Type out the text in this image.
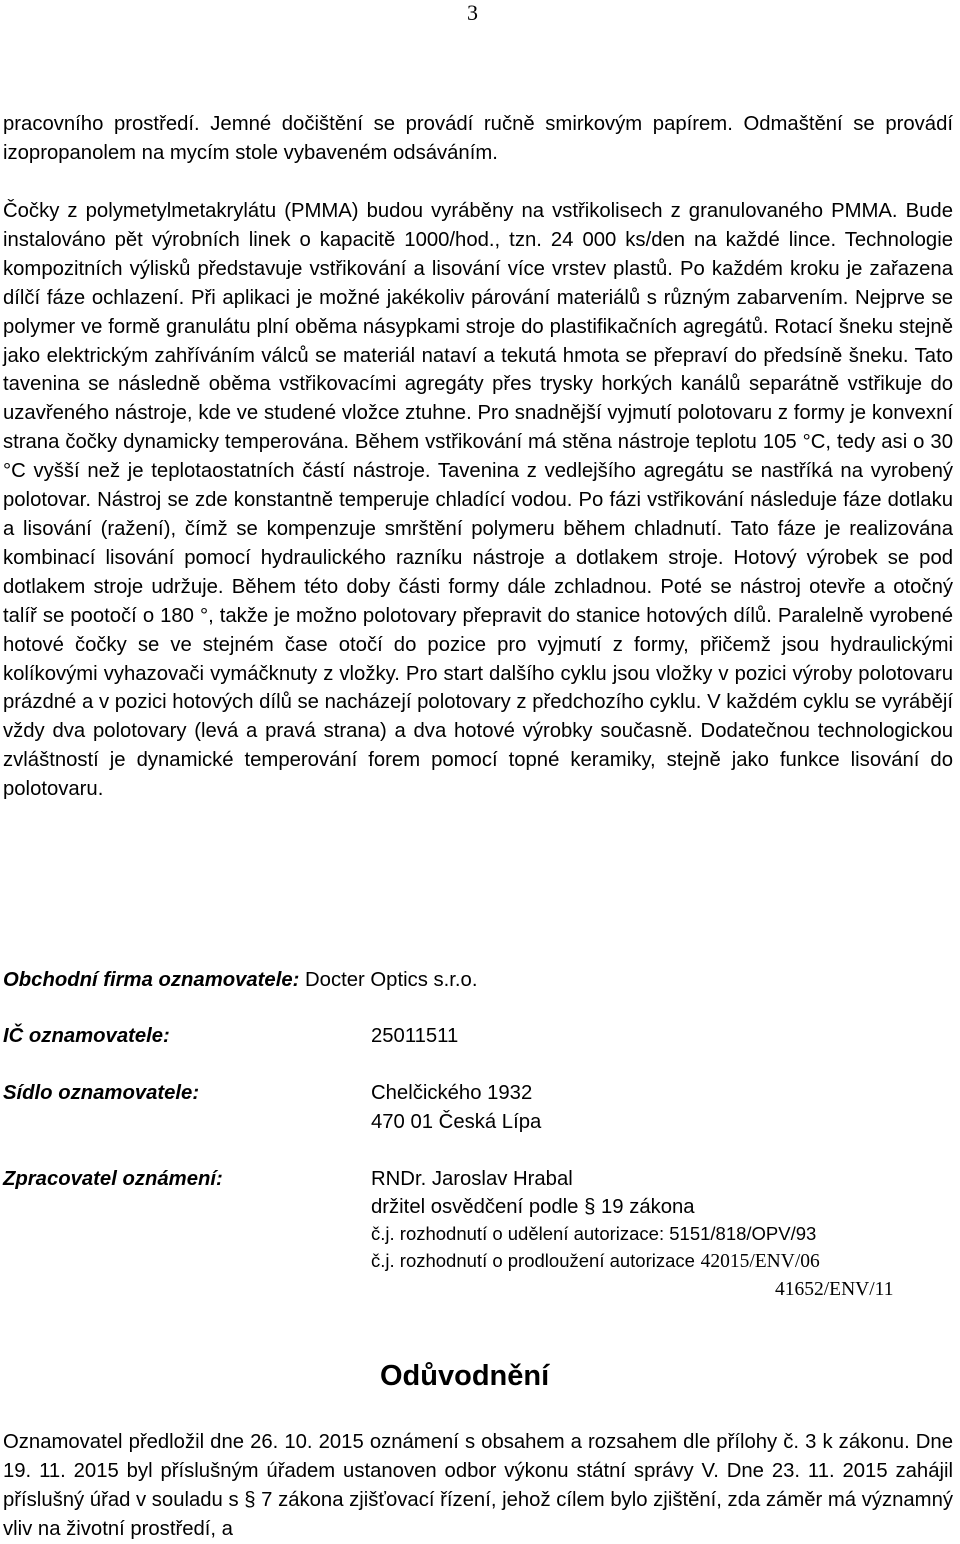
3

pracovního prostředí. Jemné dočištění se provádí ručně smirkovým papírem. Odmaštění se provádí izopropanolem na mycím stole vybaveném odsáváním.

Čočky z polymetylmetakrylátu (PMMA) budou vyráběny na vstřikolisech z granulovaného PMMA. Bude instalováno pět výrobních linek o kapacitě 1000/hod., tzn. 24 000 ks/den na každé lince. Technologie kompozitních výlisků představuje vstřikování a lisování více vrstev plastů. Po každém kroku je zařazena dílčí fáze ochlazení. Při aplikaci je možné jakékoliv párování materiálů s různým zabarvením. Nejprve se polymer ve formě granulátu plní oběma násypkami stroje do plastifikačních agregátů. Rotací šneku stejně jako elektrickým zahříváním válců se materiál nataví a tekutá hmota se přepraví do předsíně šneku. Tato tavenina se následně oběma vstřikovacími agregáty přes trysky horkých kanálů separátně vstřikuje do uzavřeného nástroje, kde ve studené vložce ztuhne. Pro snadnější vyjmutí polotovaru z formy je konvexní strana čočky dynamicky temperována. Během vstřikování má stěna nástroje teplotu 105 °C, tedy asi o 30 °C vyšší než je teplotaostatních částí nástroje. Tavenina z vedlejšího agregátu se nastříká na vyrobený polotovar. Nástroj se zde konstantně temperuje chladící vodou. Po fázi vstřikování následuje fáze dotlaku a lisování (ražení), čímž se kompenzuje smrštění polymeru během chladnutí. Tato fáze je realizována kombinací lisování pomocí hydraulického razníku nástroje a dotlakem stroje. Hotový výrobek se pod dotlakem stroje udržuje. Během této doby části formy dále zchladnou. Poté se nástroj otevře a otočný talíř se pootočí o 180 °, takže je možno polotovary přepravit do stanice hotových dílů. Paralelně vyrobené hotové čočky se ve stejném čase otočí do pozice pro vyjmutí z formy, přičemž jsou hydraulickými kolíkovými vyhazovači vymáčknuty z vložky. Pro start dalšího cyklu jsou vložky v pozici výroby polotovaru prázdné a v pozici hotových dílů se nacházejí polotovary z předchozího cyklu. V každém cyklu se vyrábějí vždy dva polotovary (levá a pravá strana) a dva hotové výrobky současně. Dodatečnou technologickou zvláštností je dynamické temperování forem pomocí topné keramiky, stejně jako funkce lisování do polotovaru.

Obchodní firma oznamovatele: Docter Optics s.r.o.
IČ oznamovatele:	25011511
Sídlo oznamovatele:	Chelčického 1932
470 01 Česká Lípa
Zpracovatel oznámení:	RNDr. Jaroslav Hrabal
držitel osvědčení podle § 19 zákona
č.j. rozhodnutí o udělení autorizace: 5151/818/OPV/93
č.j. rozhodnutí o prodloužení autorizace 42015/ENV/06
41652/ENV/11
Odůvodnění

Oznamovatel předložil dne 26. 10. 2015 oznámení s obsahem a rozsahem dle přílohy č. 3 k zákonu. Dne 19. 11. 2015 byl příslušným úřadem ustanoven odbor výkonu státní správy V. Dne 23. 11. 2015 zahájil příslušný úřad v souladu s § 7 zákona zjišťovací řízení, jehož cílem bylo zjištění, zda záměr má významný vliv na životní prostředí, a
